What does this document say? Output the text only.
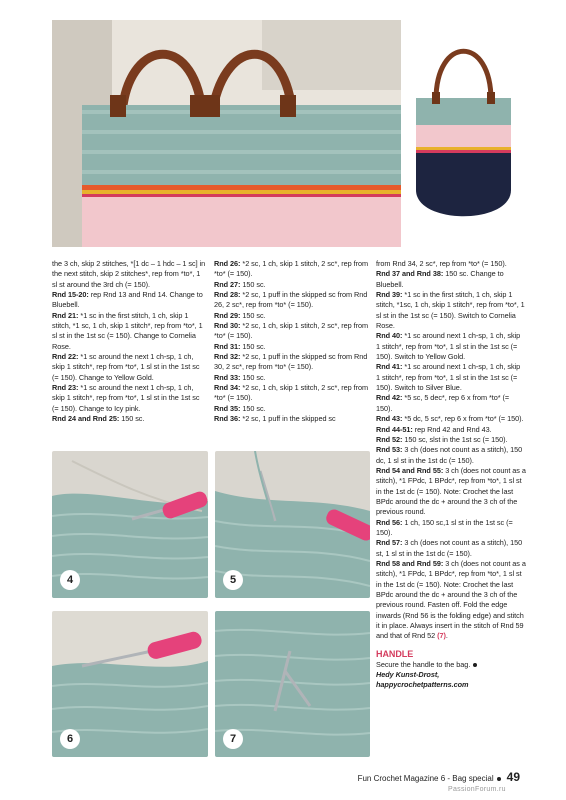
the 3 ch, skip 2 stitches, *[1 dc – 1 hdc – 1 sc] in the next stitch, skip 2 stitches*, rep from *to*, 1 sl st around the 3rd ch (= 150).
Rnd 15-20: rep Rnd 13 and Rnd 14. Change to Bluebell.
Rnd 21: *1 sc in the first stitch, 1 ch, skip 1 stitch, *1 sc, 1 ch, skip 1 stitch*, rep from *to*, 1 sl st in the 1st sc (= 150). Change to Cornelia Rose.
Rnd 22: *1 sc around the next 1 ch-sp, 1 ch, skip 1 stitch*, rep from *to*, 1 sl st in the 1st sc (= 150). Change to Yellow Gold.
Rnd 23: *1 sc around the next 1 ch-sp, 1 ch, skip 1 stitch*, rep from *to*, 1 sl st in the 1st sc (= 150). Change to Icy pink.
Rnd 24 and Rnd 25: 150 sc.
Rnd 26: *2 sc, 1 ch, skip 1 stitch, 2 sc*, rep from *to* (= 150).
Rnd 27: 150 sc.
Rnd 28: *2 sc, 1 puff in the skipped sc from Rnd 26, 2 sc*, rep from *to* (= 150).
Rnd 29: 150 sc.
Rnd 30: *2 sc, 1 ch, skip 1 stitch, 2 sc*, rep from *to* (= 150).
Rnd 31: 150 sc.
Rnd 32: *2 sc, 1 puff in the skipped sc from Rnd 30, 2 sc*, rep from *to* (= 150).
Rnd 33: 150 sc.
Rnd 34: *2 sc, 1 ch, skip 1 stitch, 2 sc*, rep from *to* (= 150).
Rnd 35: 150 sc.
Rnd 36: *2 sc, 1 puff in the skipped sc
from Rnd 34, 2 sc*, rep from *to* (= 150).
Rnd 37 and Rnd 38: 150 sc. Change to Bluebell.
Rnd 39: *1 sc in the first stitch, 1 ch, skip 1 stitch, *1sc, 1 ch, skip 1 stitch*, rep from *to*, 1 sl st in the 1st sc (= 150). Switch to Cornelia Rose.
Rnd 40: *1 sc around next 1 ch-sp, 1 ch, skip 1 stitch*, rep from *to*, 1 sl st in the 1st sc (= 150). Switch to Yellow Gold.
Rnd 41: *1 sc around next 1 ch-sp, 1 ch, skip 1 stitch*, rep from *to*, 1 sl st in the 1st sc (= 150). Switch to Silver Blue.
Rnd 42: *5 sc, 5 dec*, rep 6 x from *to* (= 150).
Rnd 43: *5 dc, 5 sc*, rep 6 x from *to* (= 150).
Rnd 44-51: rep Rnd 42 and Rnd 43.
Rnd 52: 150 sc, slst in the 1st sc (= 150).
Rnd 53: 3 ch (does not count as a stitch), 150 dc, 1 sl st in the 1st dc (= 150).
Rnd 54 and Rnd 55: 3 ch (does not count as a stitch), *1 FPdc, 1 BPdc*, rep from *to*, 1 sl st in the 1st dc (= 150). Note: Crochet the last BPdc around the dc + around the 3 ch of the previous round.
Rnd 56: 1 ch, 150 sc,1 sl st in the 1st sc (= 150).
Rnd 57: 3 ch (does not count as a stitch), 150 st, 1 sl st in the 1st dc (= 150).
Rnd 58 and Rnd 59: 3 ch (does not count as a stitch), *1 FPdc, 1 BPdc*, rep from *to*, 1 sl st in the 1st dc (= 150). Note: Crochet the last BPdc around the dc + around the 3 ch of the previous round. Fasten off. Fold the edge inwards (Rnd 56 is the folding edge) and stitch it in place. Always insert in the stitch of Rnd 59 and that of Rnd 52 (7).
HANDLE
Secure the handle to the bag.
Hedy Kunst-Drost,
happycrochetpatterns.com
4	5
6	7
Fun Crochet Magazine 6 - Bag special 49
PassionForum.ru
